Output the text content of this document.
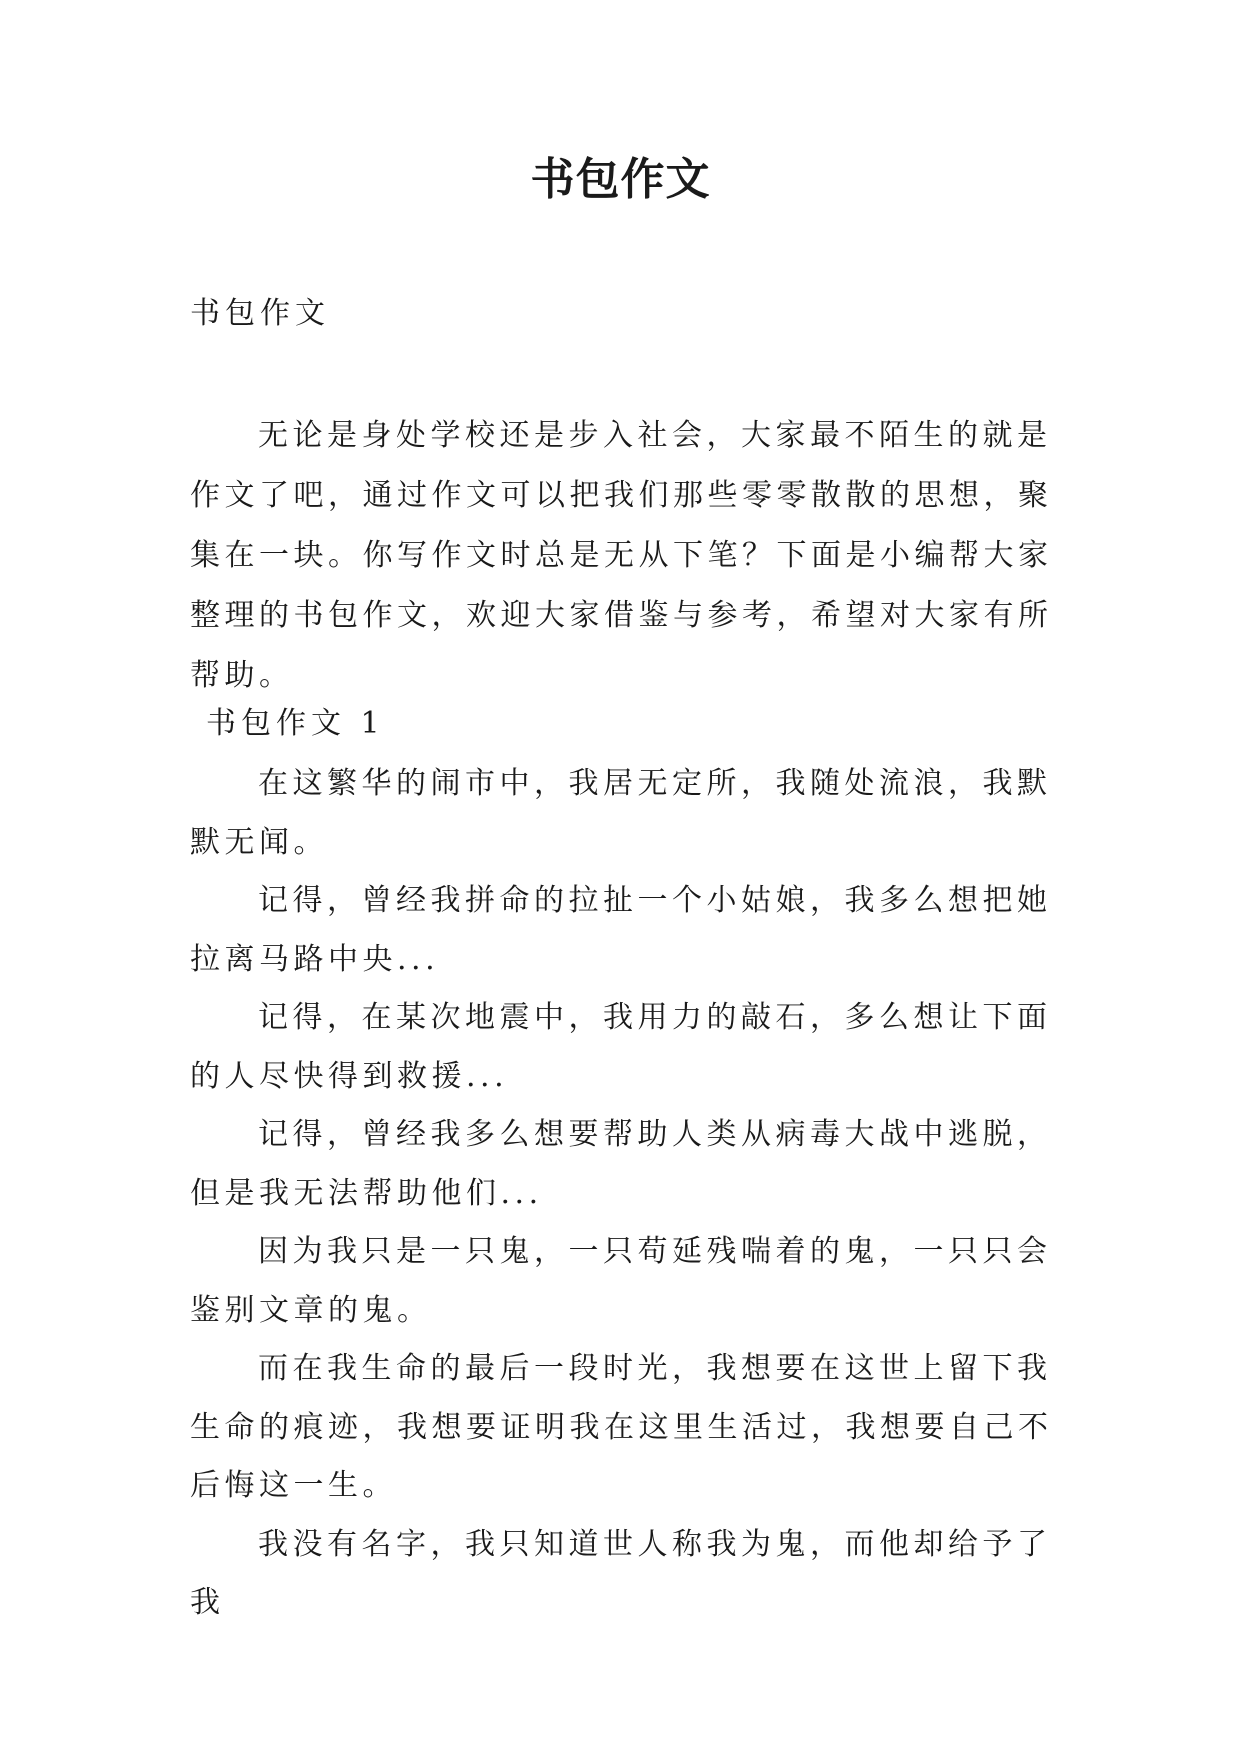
书包作文
书包作文

无论是身处学校还是步入社会，大家最不陌生的就是作文了吧，通过作文可以把我们那些零零散散的思想，聚集在一块。你写作文时总是无从下笔？下面是小编帮大家整理的书包作文，欢迎大家借鉴与参考，希望对大家有所帮助。

书包作文 1

在这繁华的闹市中，我居无定所，我随处流浪，我默默无闻。

记得，曾经我拼命的拉扯一个小姑娘，我多么想把她拉离马路中央...

记得，在某次地震中，我用力的敲石，多么想让下面的人尽快得到救援...

记得，曾经我多么想要帮助人类从病毒大战中逃脱，但是我无法帮助他们...

因为我只是一只鬼，一只苟延残喘着的鬼，一只只会鉴别文章的鬼。

而在我生命的最后一段时光，我想要在这世上留下我生命的痕迹，我想要证明我在这里生活过，我想要自己不后悔这一生。

我没有名字，我只知道世人称我为鬼，而他却给予了我
